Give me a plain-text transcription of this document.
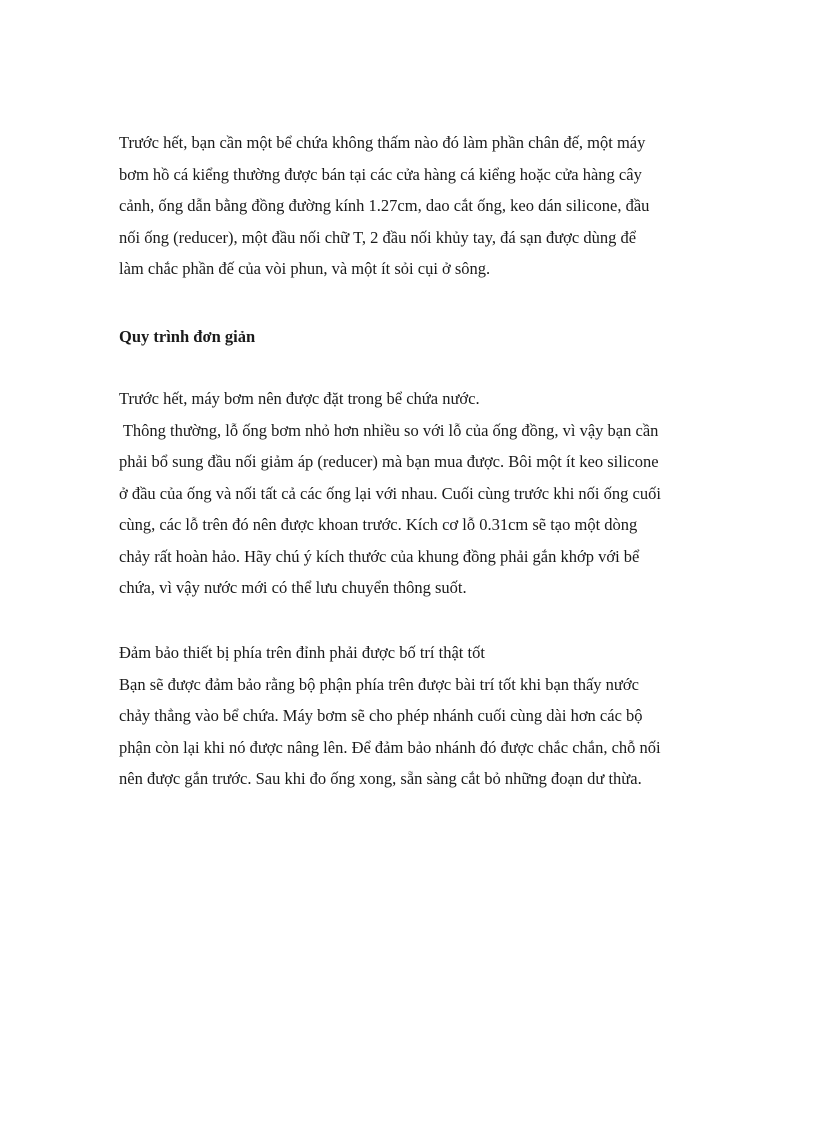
Trước hết, bạn cần một bể chứa không thấm nào đó làm phần chân đế, một máy
bơm hồ cá kiểng thường được bán tại các cửa hàng cá kiểng hoặc cửa hàng cây
cảnh, ống dẫn bằng đồng đường kính 1.27cm, dao cắt ống, keo dán silicone, đầu
nối ống (reducer), một đầu nối chữ T, 2 đầu nối khủy tay, đá sạn được dùng để
làm chắc phần đế của vòi phun, và một ít sỏi cụi ở sông.
Quy trình đơn giản
Trước hết, máy bơm nên được đặt trong bể chứa nước.
Thông thường, lỗ ống bơm nhỏ hơn nhiều so với lỗ của ống đồng, vì vậy bạn cần
phải bổ sung đầu nối giảm áp (reducer) mà bạn mua được. Bôi một ít keo silicone
ở đầu của ống và nối tất cả các ống lại với nhau. Cuối cùng trước khi nối ống cuối
cùng, các lỗ trên đó nên được khoan trước. Kích cơ lỗ 0.31cm sẽ tạo một dòng
chảy rất hoàn hảo. Hãy chú ý kích thước của khung đồng phải gắn khớp với bể
chứa, vì vậy nước mới có thể lưu chuyển thông suốt.
Đảm bảo thiết bị phía trên đỉnh phải được bố trí thật tốt
Bạn sẽ được đảm bảo rằng bộ phận phía trên được bài trí tốt khi bạn thấy nước
chảy thẳng vào bể chứa. Máy bơm sẽ cho phép nhánh cuối cùng dài hơn các bộ
phận còn lại khi nó được nâng lên. Để đảm bảo nhánh đó được chắc chắn, chỗ nối
nên được gắn trước. Sau khi đo ống xong, sẵn sàng cắt bỏ những đoạn dư thừa.
